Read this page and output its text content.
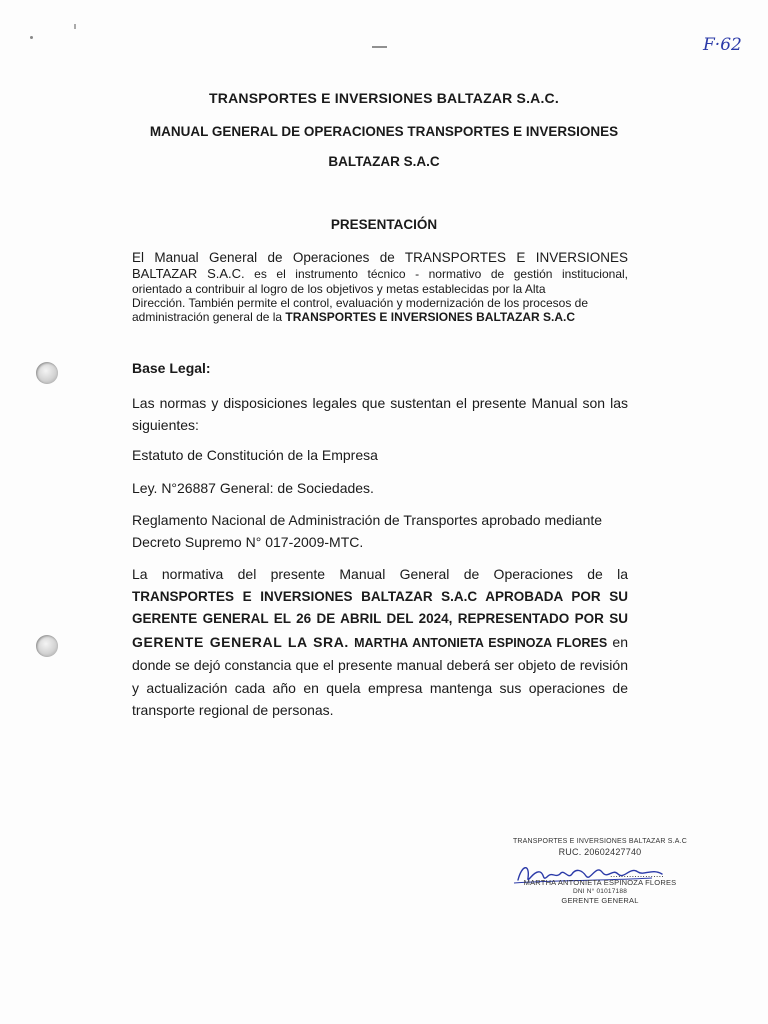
—	F·62
TRANSPORTES E INVERSIONES BALTAZAR S.A.C.
MANUAL GENERAL DE OPERACIONES TRANSPORTES E INVERSIONES
BALTAZAR S.A.C
PRESENTACIÓN
El Manual General de Operaciones de TRANSPORTES E INVERSIONES
BALTAZAR S.A.C. es el instrumento técnico - normativo de gestión institucional,
orientado a contribuir al logro de los objetivos y metas establecidas por la Alta
Dirección. También permite el control, evaluación y modernización de los procesos de
administración general de la TRANSPORTES E INVERSIONES BALTAZAR S.A.C
Base Legal:
Las normas y disposiciones legales que sustentan el presente Manual son las
siguientes:
Estatuto de Constitución de la Empresa
Ley. N°26887 General: de Sociedades.
Reglamento Nacional de Administración de Transportes aprobado mediante
Decreto Supremo N° 017-2009-MTC.
La normativa del presente Manual General de Operaciones de la
TRANSPORTES E INVERSIONES BALTAZAR S.A.C APROBADA POR SU
GERENTE GENERAL EL 26 DE ABRIL DEL 2024, REPRESENTADO POR SU
GERENTE GENERAL LA SRA. MARTHA ANTONIETA ESPINOZA FLORES en
donde se dejó constancia que el presente manual deberá ser objeto de revisión
y actualización cada año en quela empresa mantenga sus operaciones de
transporte regional de personas.
TRANSPORTES E INVERSIONES BALTAZAR S.A.C
RUC. 20602427740
....................
MARTHA ANTONIETA ESPINOZA FLORES
DNI N° 01017188
GERENTE GENERAL
